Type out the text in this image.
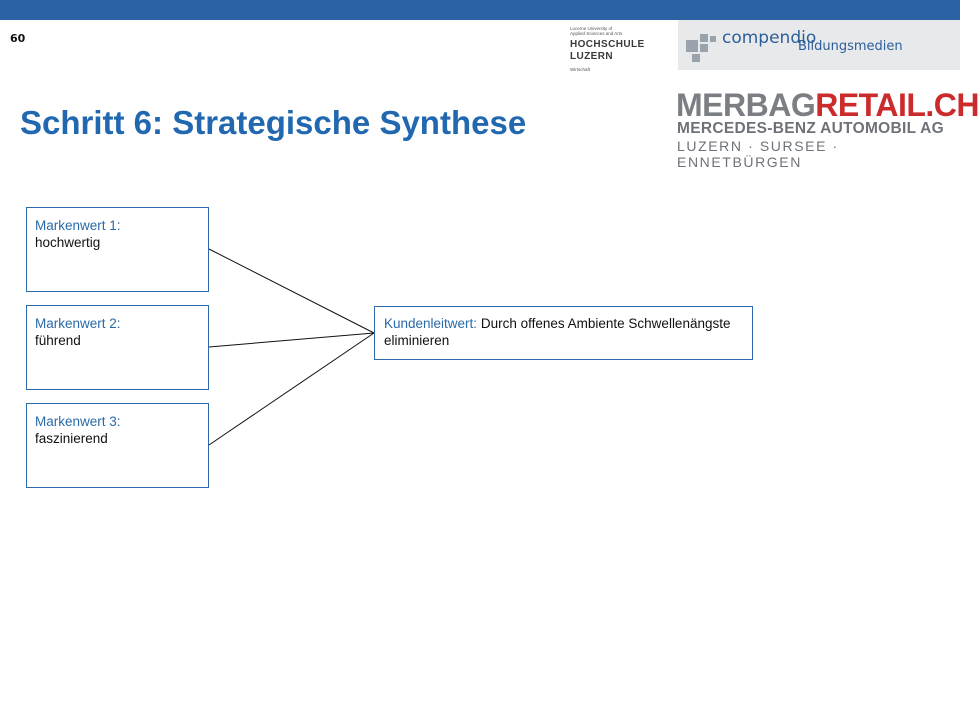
60
Lucerne University of
Applied Sciences and Arts
HOCHSCHULE
LUZERN
Wirtschaft
compendio
Bildungsmedien
MERBAGRETAIL.CH
MERCEDES-BENZ AUTOMOBIL AG
LUZERN · SURSEE · ENNETBÜRGEN
Schritt 6: Strategische Synthese
Markenwert 1:
hochwertig
Markenwert 2:
führend
Markenwert 3:
faszinierend
Kundenleitwert: Durch offenes Ambiente Schwellenängste eliminieren
